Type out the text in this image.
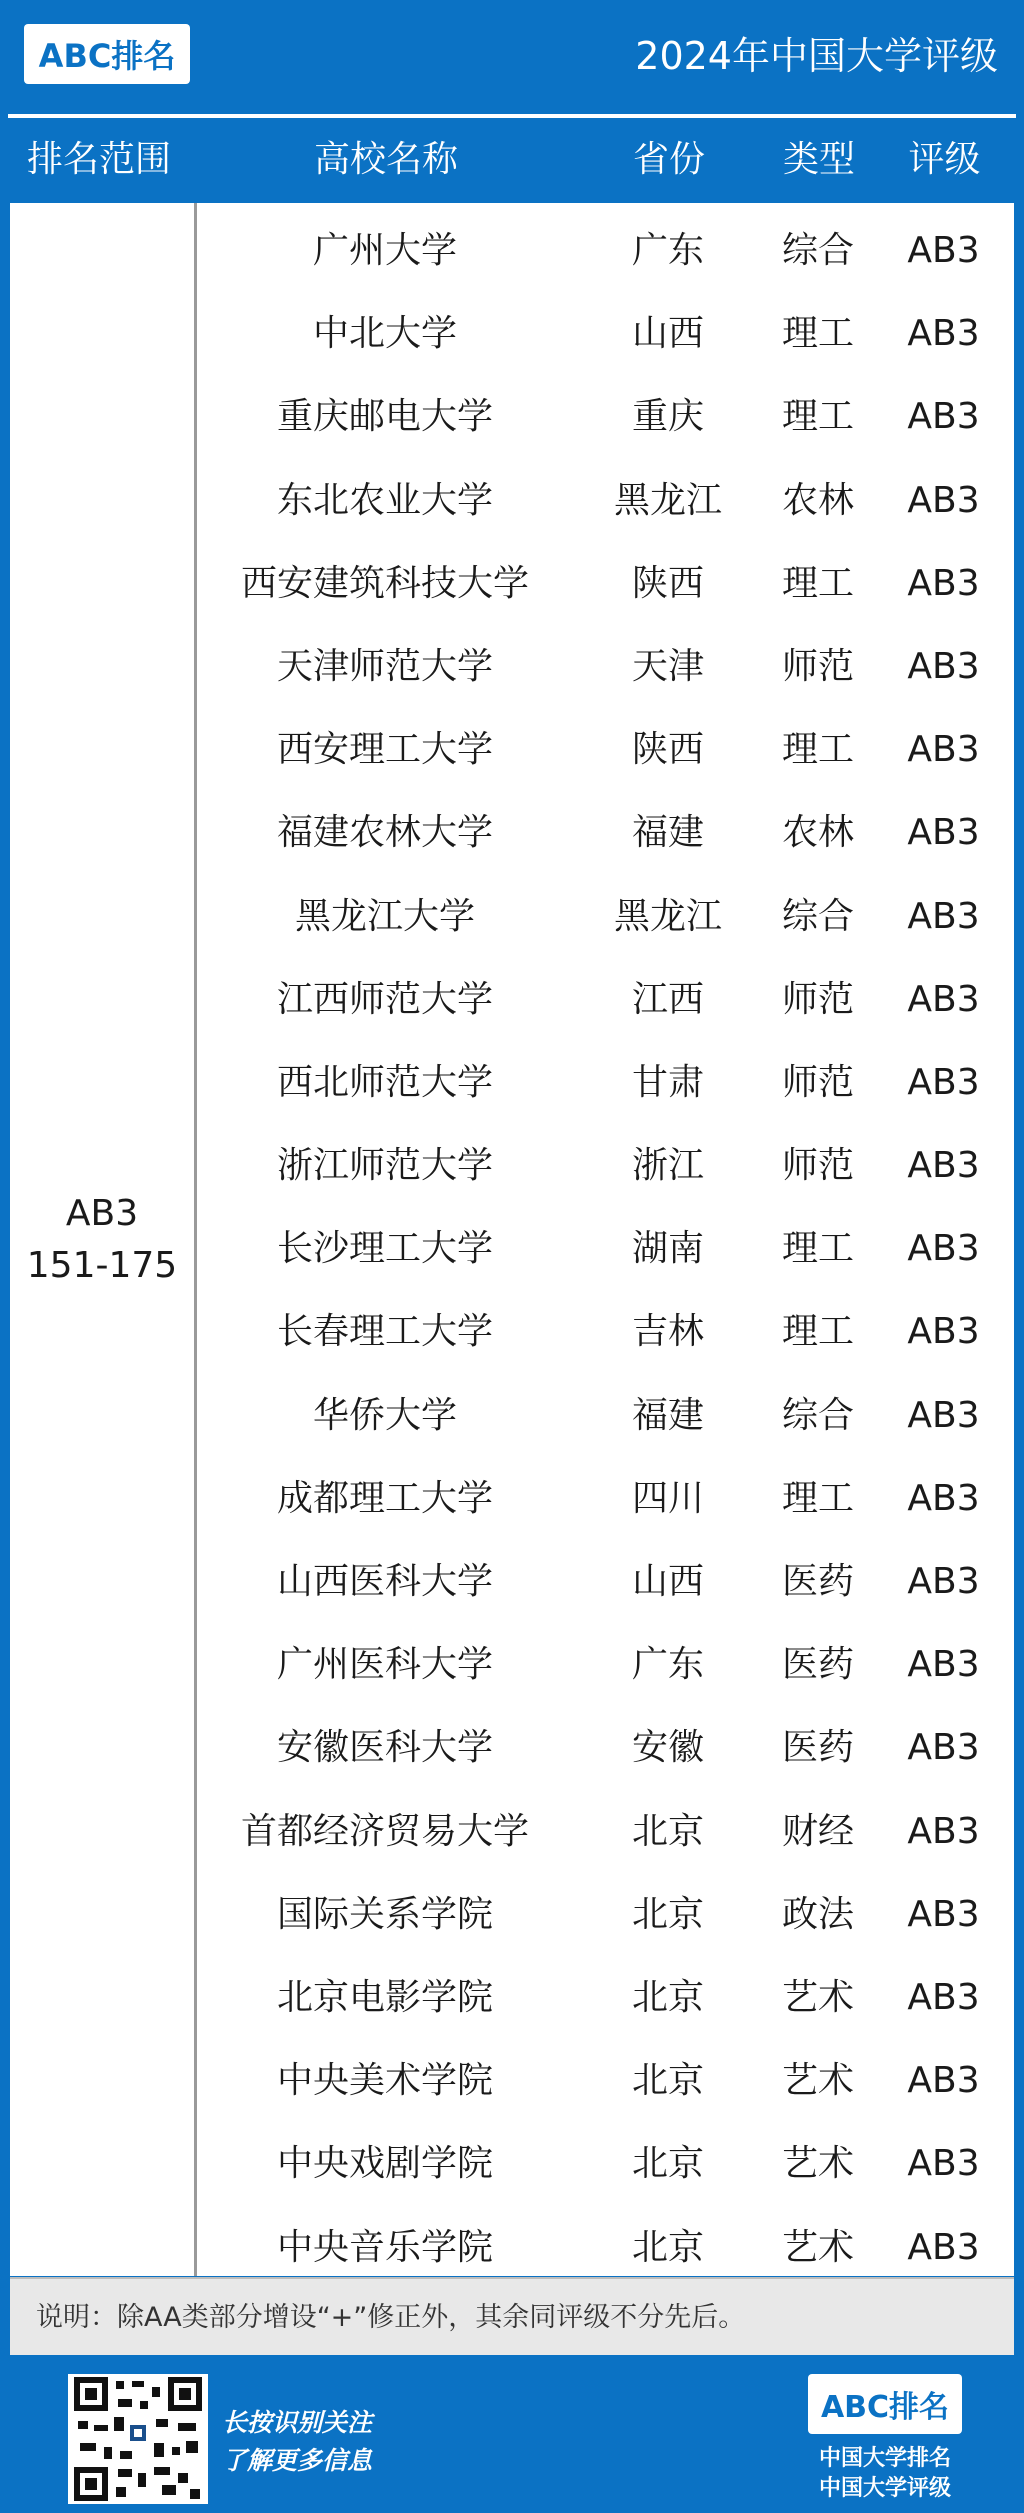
ABC排名	2024年中国大学评级
排名范围	高校名称	省份	类型	评级
AB3
151-175
广州大学	广东	综合	AB3
中北大学	山西	理工	AB3
重庆邮电大学	重庆	理工	AB3
东北农业大学	黑龙江	农林	AB3
西安建筑科技大学	陕西	理工	AB3
天津师范大学	天津	师范	AB3
西安理工大学	陕西	理工	AB3
福建农林大学	福建	农林	AB3
黑龙江大学	黑龙江	综合	AB3
江西师范大学	江西	师范	AB3
西北师范大学	甘肃	师范	AB3
浙江师范大学	浙江	师范	AB3
长沙理工大学	湖南	理工	AB3
长春理工大学	吉林	理工	AB3
华侨大学	福建	综合	AB3
成都理工大学	四川	理工	AB3
山西医科大学	山西	医药	AB3
广州医科大学	广东	医药	AB3
安徽医科大学	安徽	医药	AB3
首都经济贸易大学	北京	财经	AB3
国际关系学院	北京	政法	AB3
北京电影学院	北京	艺术	AB3
中央美术学院	北京	艺术	AB3
中央戏剧学院	北京	艺术	AB3
中央音乐学院	北京	艺术	AB3
说明：除AA类部分增设“+”修正外，其余同评级不分先后。
长按识别关注
了解更多信息
ABC排名
中国大学排名
中国大学评级
